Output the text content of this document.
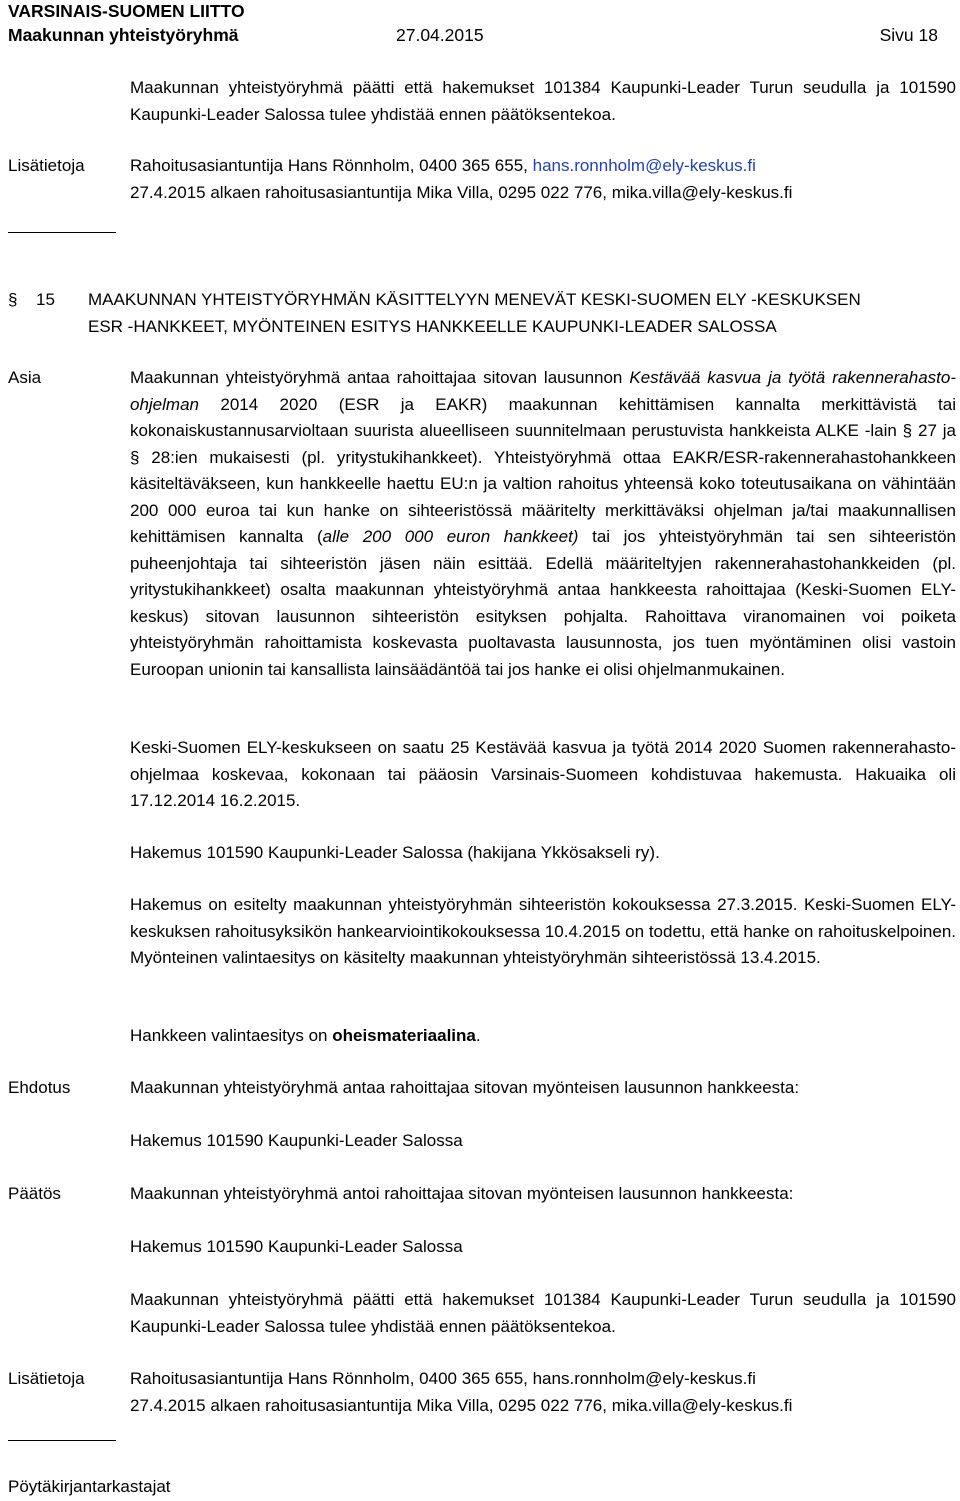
VARSINAIS-SUOMEN LIITTO
Maakunnan yhteistyöryhmä	27.04.2015	Sivu 18
Maakunnan yhteistyöryhmä päätti että hakemukset 101384 Kaupunki-Leader Turun seudulla ja 101590 Kaupunki-Leader Salossa tulee yhdistää ennen päätöksentekoa.
Lisätietoja	Rahoitusasiantuntija Hans Rönnholm, 0400 365 655, hans.ronnholm@ely-keskus.fi
27.4.2015 alkaen rahoitusasiantuntija Mika Villa, 0295 022 776, mika.villa@ely-keskus.fi
§ 15 MAAKUNNAN YHTEISTYÖRYHMÄN KÄSITTELYYN MENEVÄT KESKI-SUOMEN ELY -KESKUKSEN
ESR -HANKKEET, MYÖNTEINEN ESITYS HANKKEELLE KAUPUNKI-LEADER SALOSSA
Asia	Maakunnan yhteistyöryhmä antaa rahoittajaa sitovan lausunnon Kestävää kasvua ja työtä rakennerahasto-ohjelman 2014 2020 (ESR ja EAKR) maakunnan kehittämisen kannalta merkittävistä tai kokonaiskustannusarvioltaan suurista alueelliseen suunnitelmaan perustuvista hankkeista ALKE -lain § 27 ja § 28:ien mukaisesti (pl. yritystukihankkeet). Yhteistyöryhmä ottaa EAKR/ESR-rakennerahastohankkeen käsiteltäväkseen, kun hankkeelle haettu EU:n ja valtion rahoitus yhteensä koko toteutusaikana on vähintään 200 000 euroa tai kun hanke on sihteeristössä määritelty merkittäväksi ohjelman ja/tai maakunnallisen kehittämisen kannalta (alle 200 000 euron hankkeet) tai jos yhteistyöryhmän tai sen sihteeristön puheenjohtaja tai sihteeristön jäsen näin esittää. Edellä määriteltyjen rakennerahastohankkeiden (pl. yritystukihankkeet) osalta maakunnan yhteistyöryhmä antaa hankkeesta rahoittajaa (Keski-Suomen ELY-keskus) sitovan lausunnon sihteeristön esityksen pohjalta. Rahoittava viranomainen voi poiketa yhteistyöryhmän rahoittamista koskevasta puoltavasta lausunnosta, jos tuen myöntäminen olisi vastoin Euroopan unionin tai kansallista lainsäädäntöä tai jos hanke ei olisi ohjelmanmukainen.
Keski-Suomen ELY-keskukseen on saatu 25 Kestävää kasvua ja työtä 2014 2020 Suomen rakennerahasto-ohjelmaa koskevaa, kokonaan tai pääosin Varsinais-Suomeen kohdistuvaa hakemusta. Hakuaika oli 17.12.2014 16.2.2015.
Hakemus 101590 Kaupunki-Leader Salossa (hakijana Ykkösakseli ry).
Hakemus on esitelty maakunnan yhteistyöryhmän sihteeristön kokouksessa 27.3.2015. Keski-Suomen ELY-keskuksen rahoitusyksikön hankearviointikokouksessa 10.4.2015 on todettu, että hanke on rahoituskelpoinen. Myönteinen valintaesitys on käsitelty maakunnan yhteistyöryhmän sihteeristössä 13.4.2015.
Hankkeen valintaesitys on oheismateriaalina.
Ehdotus	Maakunnan yhteistyöryhmä antaa rahoittajaa sitovan myönteisen lausunnon hankkeesta:
Hakemus 101590 Kaupunki-Leader Salossa
Päätös	Maakunnan yhteistyöryhmä antoi rahoittajaa sitovan myönteisen lausunnon hankkeesta:
Hakemus 101590 Kaupunki-Leader Salossa
Maakunnan yhteistyöryhmä päätti että hakemukset 101384 Kaupunki-Leader Turun seudulla ja 101590 Kaupunki-Leader Salossa tulee yhdistää ennen päätöksentekoa.
Lisätietoja	Rahoitusasiantuntija Hans Rönnholm, 0400 365 655, hans.ronnholm@ely-keskus.fi
27.4.2015 alkaen rahoitusasiantuntija Mika Villa, 0295 022 776, mika.villa@ely-keskus.fi
Pöytäkirjantarkastajat
